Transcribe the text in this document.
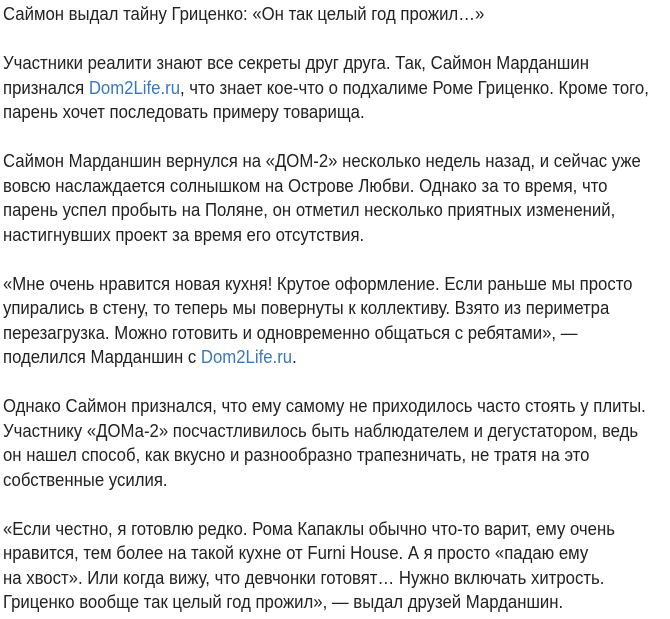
Саймон выдал тайну Гриценко: «Он так целый год прожил…»
Участники реалити знают все секреты друг друга. Так, Саймон Марданшин
признался Dom2Life.ru, что знает кое-что о подхалиме Роме Гриценко. Кроме того,
парень хочет последовать примеру товарища.
Саймон Марданшин вернулся на «ДОМ-2» несколько недель назад, и сейчас уже
вовсю наслаждается солнышком на Острове Любви. Однако за то время, что
парень успел пробыть на Поляне, он отметил несколько приятных изменений,
настигнувших проект за время его отсутствия.
«Мне очень нравится новая кухня! Крутое оформление. Если раньше мы просто
упирались в стену, то теперь мы повернуты к коллективу. Взято из периметра
перезагрузка. Можно готовить и одновременно общаться с ребятами», —
поделился Марданшин с Dom2Life.ru.
Однако Саймон признался, что ему самому не приходилось часто стоять у плиты.
Участнику «ДОМа-2» посчастливилось быть наблюдателем и дегустатором, ведь
он нашел способ, как вкусно и разнообразно трапезничать, не тратя на это
собственные усилия.
«Если честно, я готовлю редко. Рома Капаклы обычно что-то варит, ему очень
нравится, тем более на такой кухне от Furni House. А я просто «падаю ему
на хвост». Или когда вижу, что девчонки готовят… Нужно включать хитрость.
Гриценко вообще так целый год прожил», — выдал друзей Марданшин.
